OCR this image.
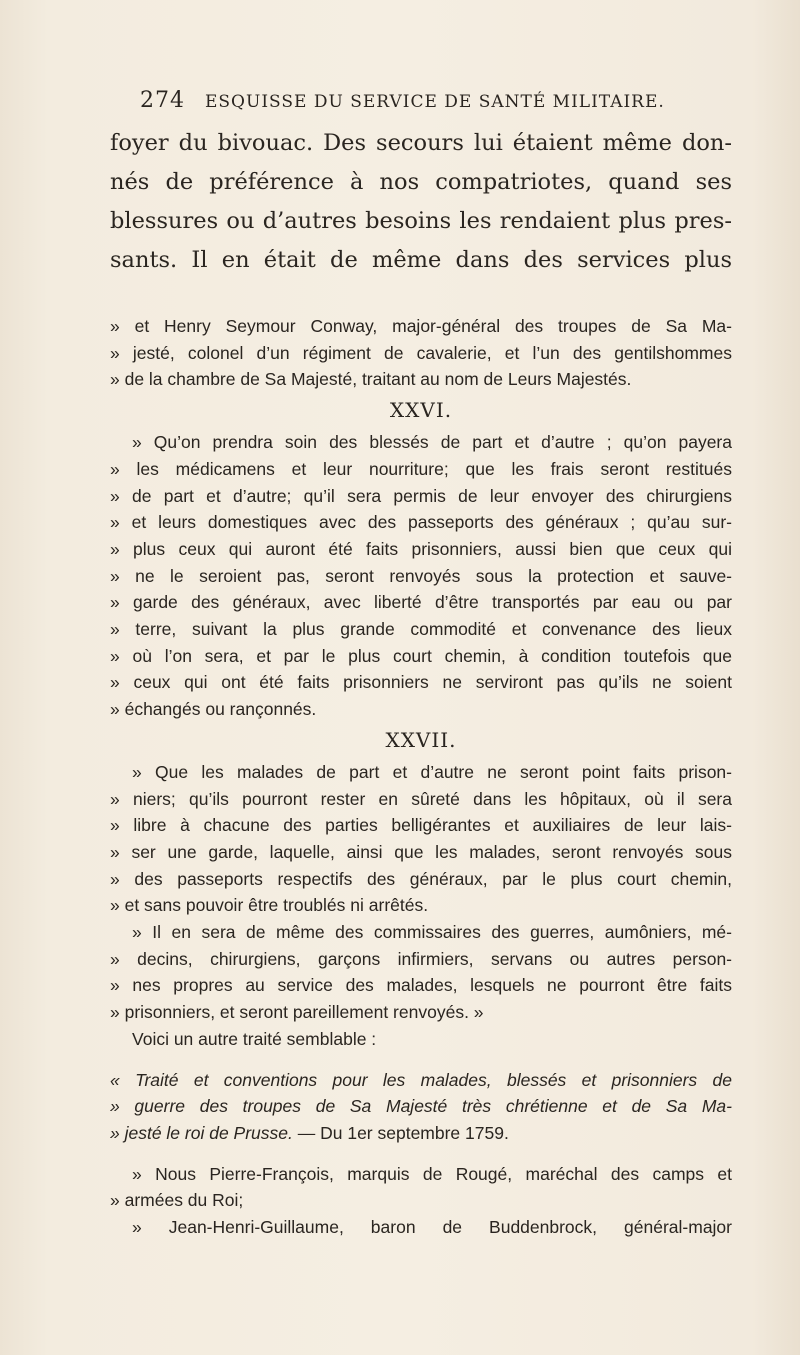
274 ESQUISSE DU SERVICE DE SANTÉ MILITAIRE.
foyer du bivouac. Des secours lui étaient même don-
nés de préférence à nos compatriotes, quand ses
blessures ou d’autres besoins les rendaient plus pres-
sants. Il en était de même dans des services plus
» et Henry Seymour Conway, major-général des troupes de Sa Ma-
» jesté, colonel d’un régiment de cavalerie, et l’un des gentilshommes
» de la chambre de Sa Majesté, traitant au nom de Leurs Majestés.
XXVI.
» Qu’on prendra soin des blessés de part et d’autre ; qu’on payera
» les médicamens et leur nourriture; que les frais seront restitués
» de part et d’autre; qu’il sera permis de leur envoyer des chirurgiens
» et leurs domestiques avec des passeports des généraux ; qu’au sur-
» plus ceux qui auront été faits prisonniers, aussi bien que ceux qui
» ne le seroient pas, seront renvoyés sous la protection et sauve-
» garde des généraux, avec liberté d’être transportés par eau ou par
» terre, suivant la plus grande commodité et convenance des lieux
» où l’on sera, et par le plus court chemin, à condition toutefois que
» ceux qui ont été faits prisonniers ne serviront pas qu’ils ne soient
» échangés ou rançonnés.
XXVII.
» Que les malades de part et d’autre ne seront point faits prison-
» niers; qu’ils pourront rester en sûreté dans les hôpitaux, où il sera
» libre à chacune des parties belligérantes et auxiliaires de leur lais-
» ser une garde, laquelle, ainsi que les malades, seront renvoyés sous
» des passeports respectifs des généraux, par le plus court chemin,
» et sans pouvoir être troublés ni arrêtés.
» Il en sera de même des commissaires des guerres, aumôniers, mé-
» decins, chirurgiens, garçons infirmiers, servans ou autres person-
» nes propres au service des malades, lesquels ne pourront être faits
» prisonniers, et seront pareillement renvoyés. »
Voici un autre traité semblable :
« Traité et conventions pour les malades, blessés et prisonniers de
» guerre des troupes de Sa Majesté très chrétienne et de Sa Ma-
» jesté le roi de Prusse. — Du 1er septembre 1759.
» Nous Pierre-François, marquis de Rougé, maréchal des camps et
» armées du Roi;
» Jean-Henri-Guillaume, baron de Buddenbrock, général-major
